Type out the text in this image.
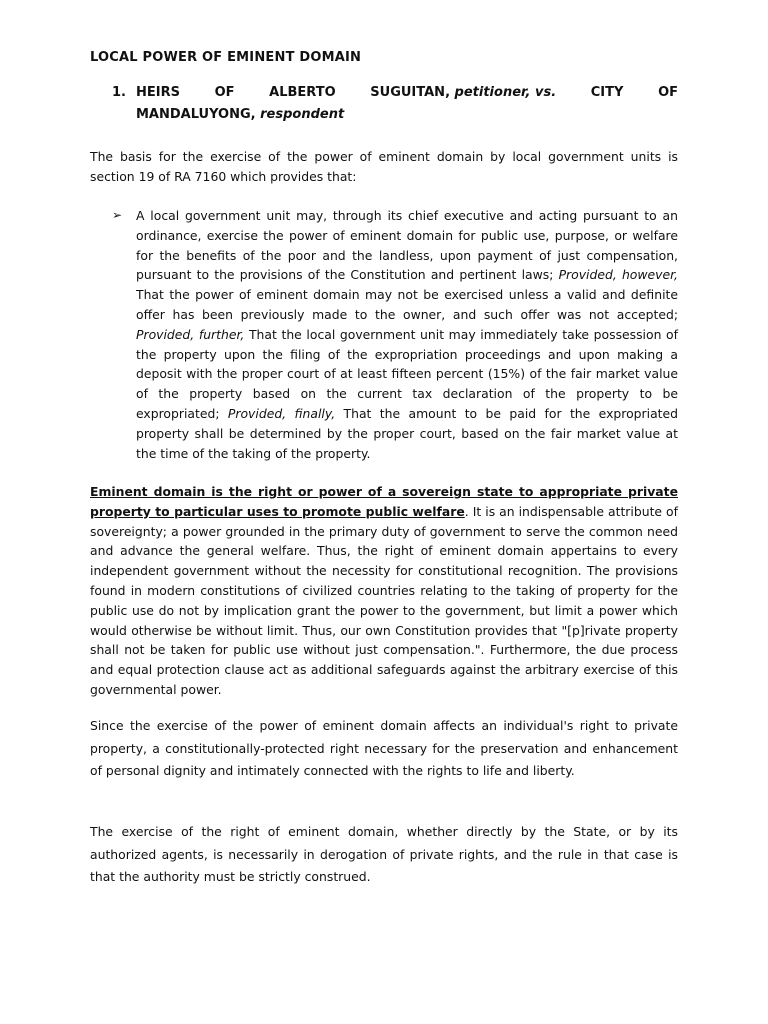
LOCAL POWER OF EMINENT DOMAIN
1. HEIRS	OF	ALBERTO	SUGUITAN, petitioner, vs.	CITY	OF
MANDALUYONG, respondent

The basis for the exercise of the power of eminent domain by local government units is section 19 of RA 7160 which provides that:

➢ A local government unit may, through its chief executive and acting pursuant to an ordinance, exercise the power of eminent domain for public use, purpose, or welfare for the benefits of the poor and the landless, upon payment of just compensation, pursuant to the provisions of the Constitution and pertinent laws; Provided, however, That the power of eminent domain may not be exercised unless a valid and definite offer has been previously made to the owner, and such offer was not accepted; Provided, further, That the local government unit may immediately take possession of the property upon the filing of the expropriation proceedings and upon making a deposit with the proper court of at least fifteen percent (15%) of the fair market value of the property based on the current tax declaration of the property to be expropriated; Provided, finally, That the amount to be paid for the expropriated property shall be determined by the proper court, based on the fair market value at the time of the taking of the property.

Eminent domain is the right or power of a sovereign state to appropriate private property to particular uses to promote public welfare. It is an indispensable attribute of sovereignty; a power grounded in the primary duty of government to serve the common need and advance the general welfare. Thus, the right of eminent domain appertains to every independent government without the necessity for constitutional recognition. The provisions found in modern constitutions of civilized countries relating to the taking of property for the public use do not by implication grant the power to the government, but limit a power which would otherwise be without limit. Thus, our own Constitution provides that "[p]rivate property shall not be taken for public use without just compensation.". Furthermore, the due process and equal protection clause act as additional safeguards against the arbitrary exercise of this governmental power.

Since the exercise of the power of eminent domain affects an individual's right to private property, a constitutionally-protected right necessary for the preservation and enhancement of personal dignity and intimately connected with the rights to life and liberty.

The exercise of the right of eminent domain, whether directly by the State, or by its authorized agents, is necessarily in derogation of private rights, and the rule in that case is that the authority must be strictly construed.
